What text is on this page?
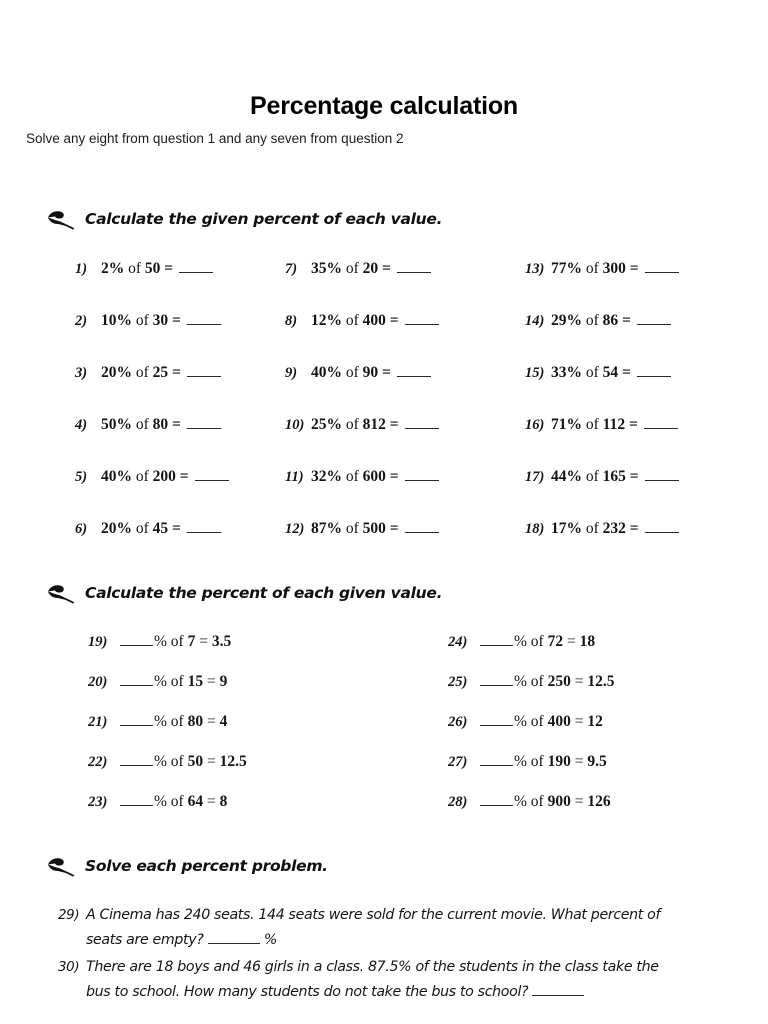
Percentage calculation
Solve any eight from question 1 and any seven from question 2
Calculate the given percent of each value.
1) 2% of 50 =
2) 10% of 30 =
3) 20% of 25 =
4) 50% of 80 =
5) 40% of 200 =
6) 20% of 45 =
7) 35% of 20 =
8) 12% of 400 =
9) 40% of 90 =
10) 25% of 812 =
11) 32% of 600 =
12) 87% of 500 =
13) 77% of 300 =
14) 29% of 86 =
15) 33% of 54 =
16) 71% of 112 =
17) 44% of 165 =
18) 17% of 232 =
Calculate the percent of each given value.
19)	% of 7 = 3.5
20)	% of 15 = 9
21)	% of 80 = 4
22)	% of 50 = 12.5
23)	% of 64 = 8
24)	% of 72 = 18
25)	% of 250 = 12.5
26)	% of 400 = 12
27)	% of 190 = 9.5
28)	% of 900 = 126
Solve each percent problem.
29) A Cinema has 240 seats. 144 seats were sold for the current movie. What percent of
seats are empty?	%
30) There are 18 boys and 46 girls in a class. 87.5% of the students in the class take the
bus to school. How many students do not take the bus to school?
